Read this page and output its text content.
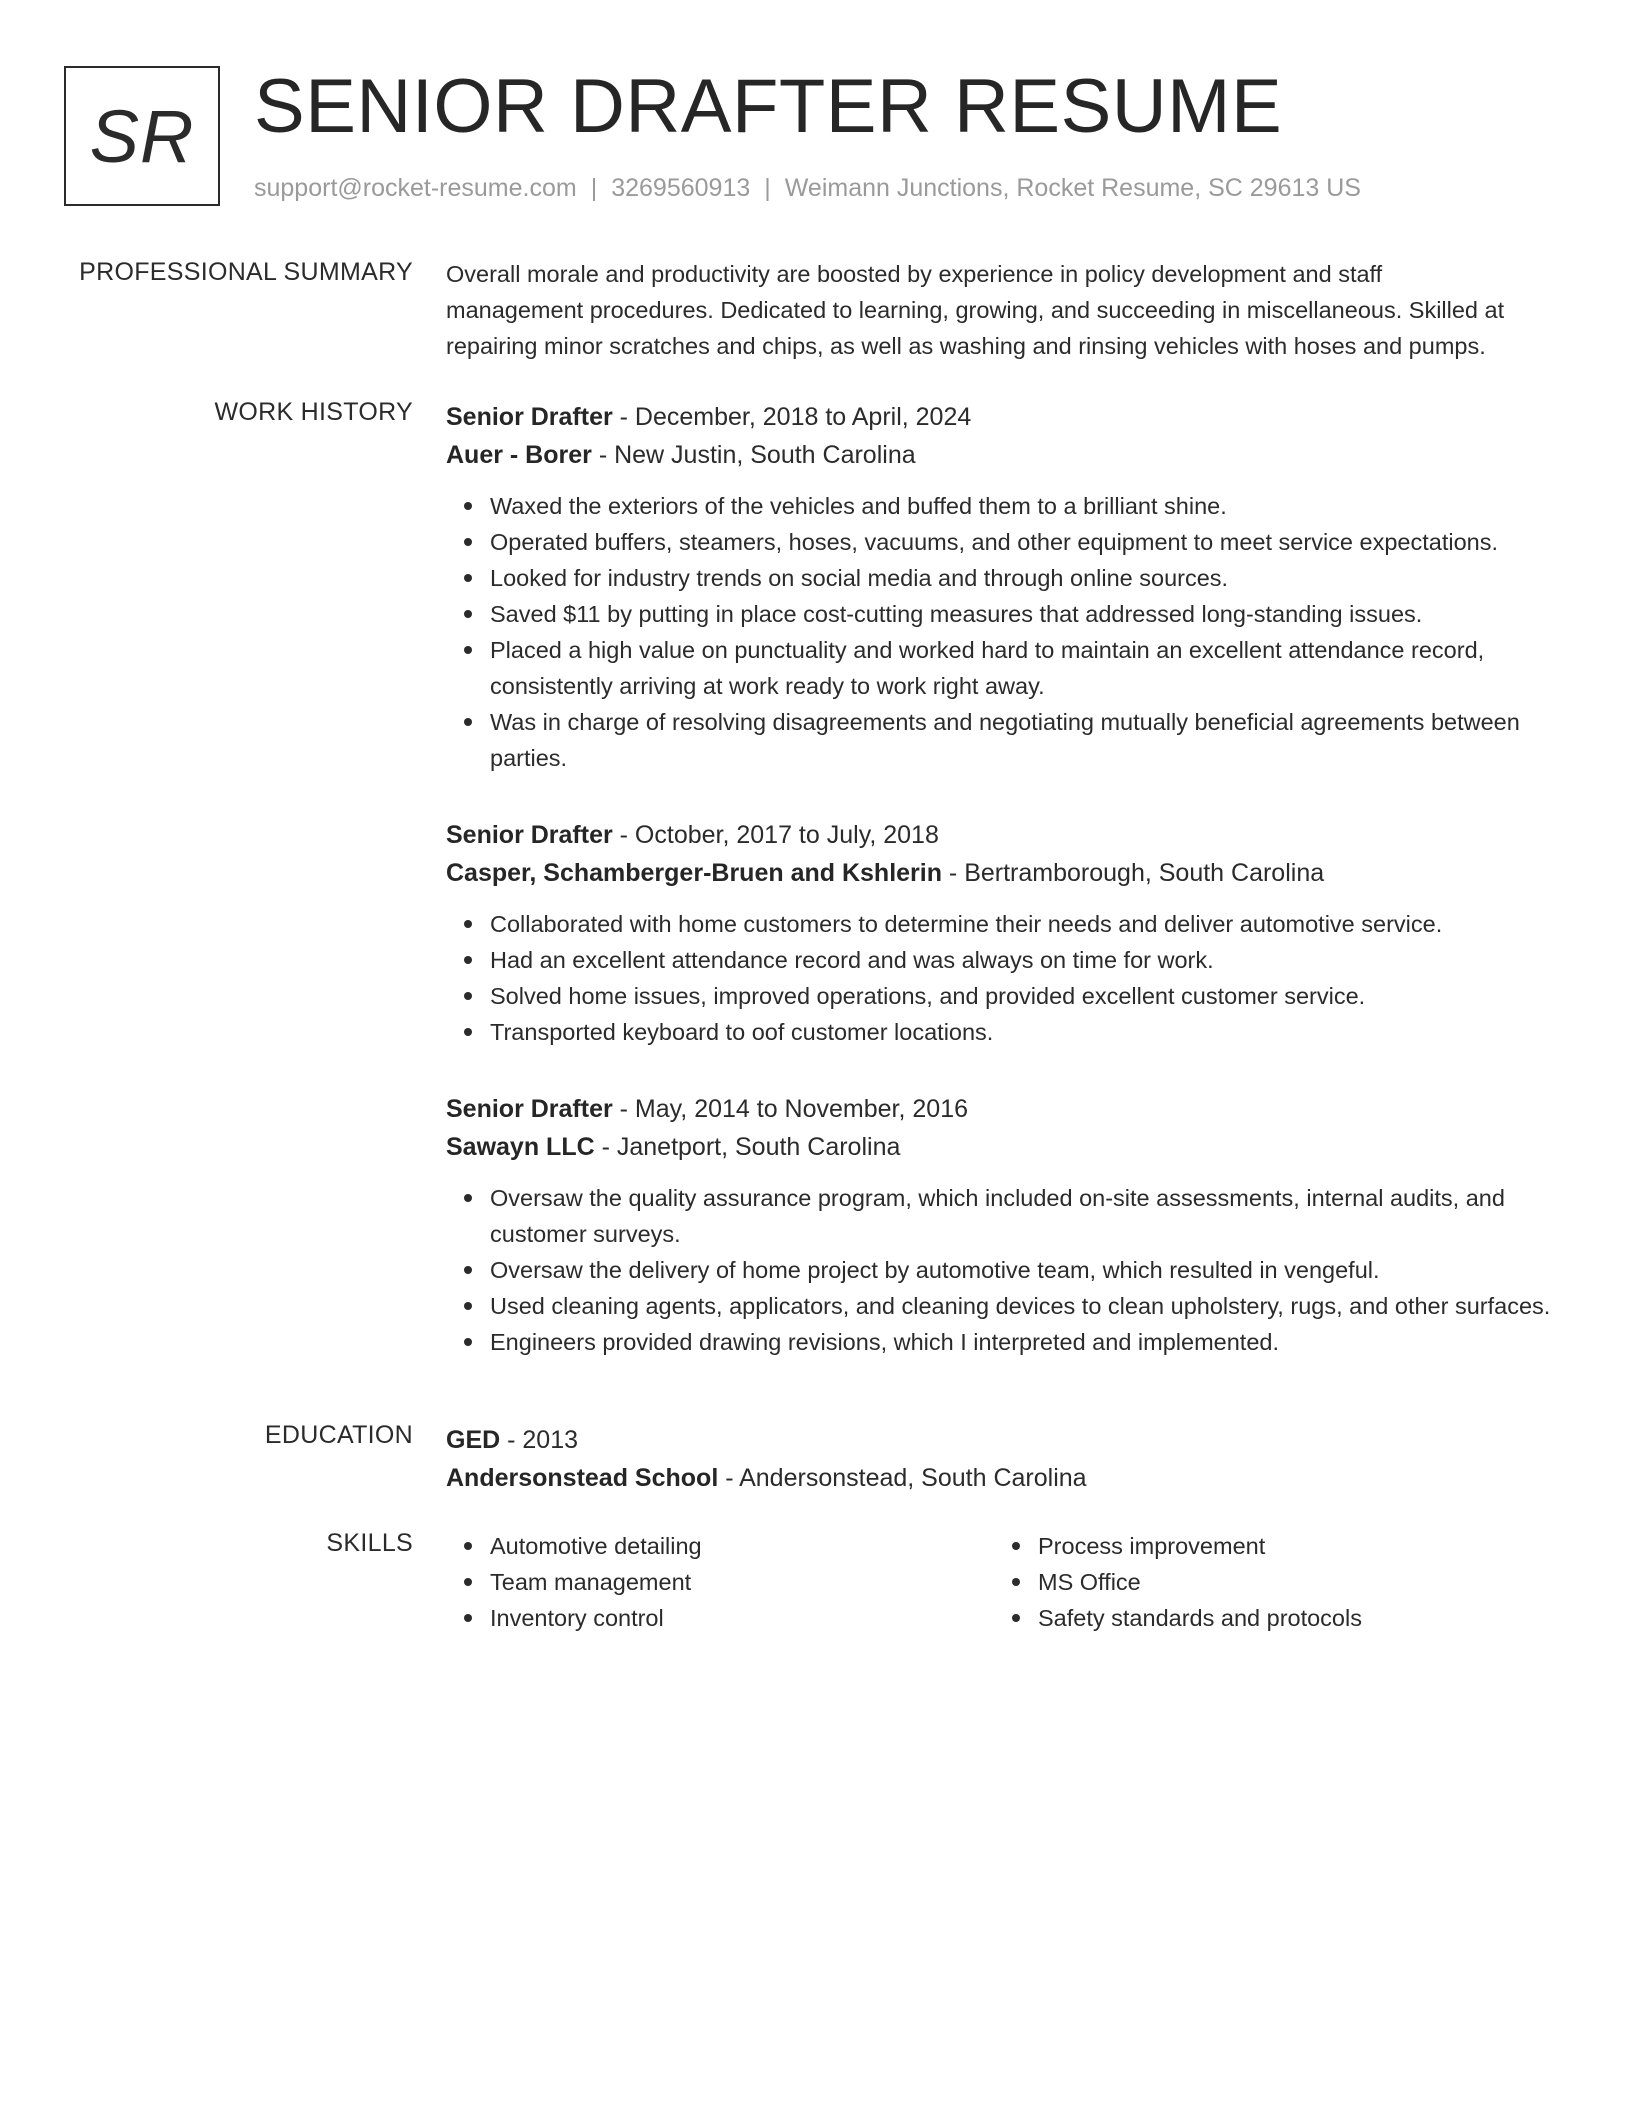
SR SENIOR DRAFTER RESUME
support@rocket-resume.com | 3269560913 | Weimann Junctions, Rocket Resume, SC 29613 US
PROFESSIONAL SUMMARY Overall morale and productivity are boosted by experience in policy development and staff
management procedures. Dedicated to learning, growing, and succeeding in miscellaneous. Skilled at
repairing minor scratches and chips, as well as washing and rinsing vehicles with hoses and pumps.

WORK HISTORY Senior Drafter - December, 2018 to April, 2024
Auer - Borer - New Justin, South Carolina
Waxed the exteriors of the vehicles and buffed them to a brilliant shine.
Operated buffers, steamers, hoses, vacuums, and other equipment to meet service expectations.
Looked for industry trends on social media and through online sources.
Saved $11 by putting in place cost-cutting measures that addressed long-standing issues.
Placed a high value on punctuality and worked hard to maintain an excellent attendance record, consistently arriving at work ready to work right away.
Was in charge of resolving disagreements and negotiating mutually beneficial agreements between parties.
Senior Drafter - October, 2017 to July, 2018
Casper, Schamberger-Bruen and Kshlerin - Bertramborough, South Carolina
Collaborated with home customers to determine their needs and deliver automotive service.
Had an excellent attendance record and was always on time for work.
Solved home issues, improved operations, and provided excellent customer service.
Transported keyboard to oof customer locations.
Senior Drafter - May, 2014 to November, 2016
Sawayn LLC - Janetport, South Carolina
Oversaw the quality assurance program, which included on-site assessments, internal audits, and customer surveys.
Oversaw the delivery of home project by automotive team, which resulted in vengeful.
Used cleaning agents, applicators, and cleaning devices to clean upholstery, rugs, and other surfaces.
Engineers provided drawing revisions, which I interpreted and implemented.
EDUCATION GED - 2013
Andersonstead School - Andersonstead, South Carolina
SKILLS	Automotive detailing
Team management
Inventory control
Process improvement
MS Office
Safety standards and protocols
